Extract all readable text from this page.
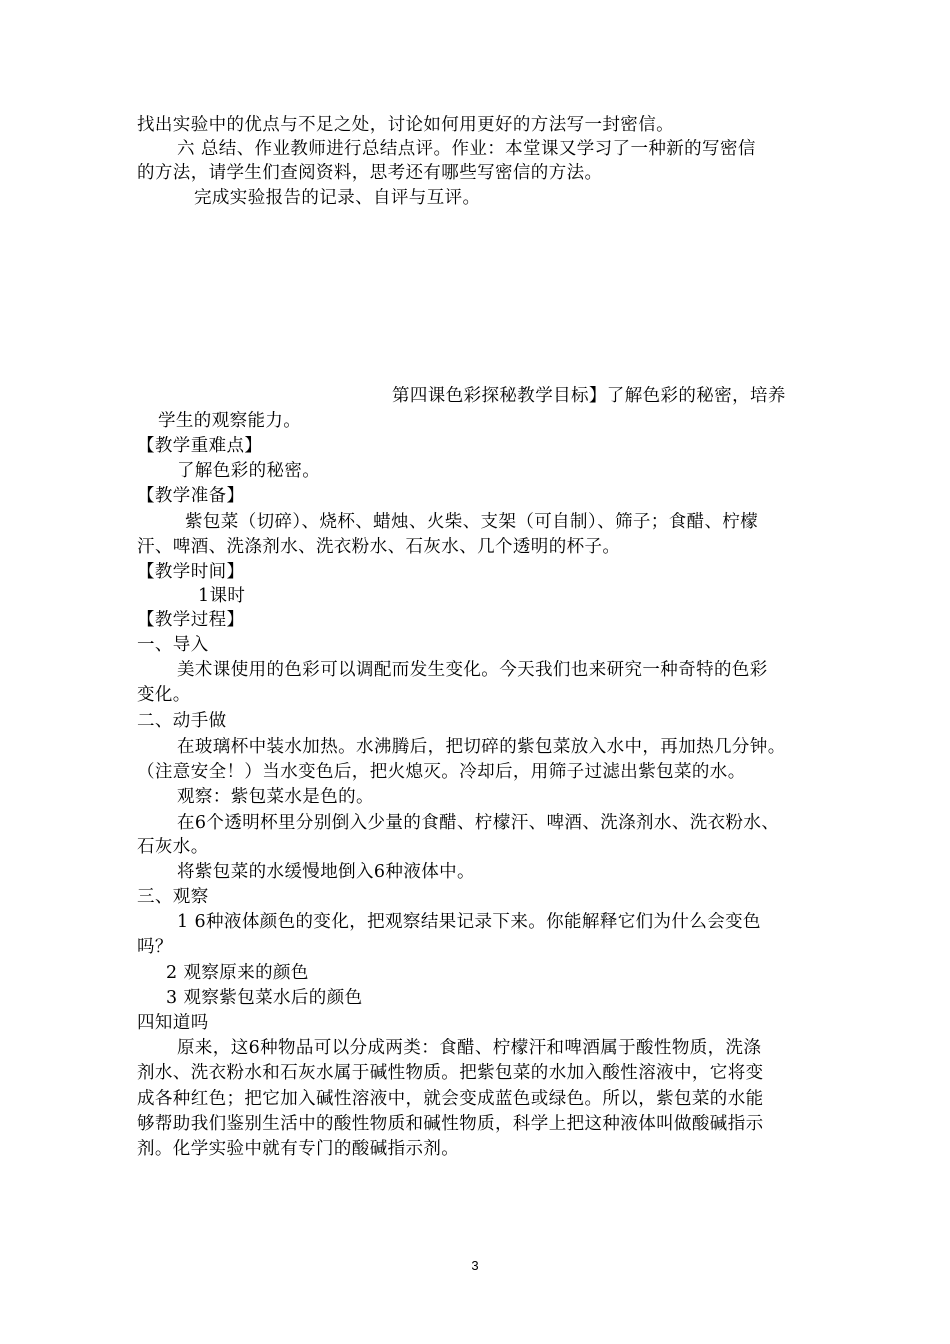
找出实验中的优点与不足之处，讨论如何用更好的方法写一封密信。
六 总结、作业教师进行总结点评。作业：本堂课又学习了一种新的写密信
的方法，请学生们查阅资料，思考还有哪些写密信的方法。
完成实验报告的记录、自评与互评。
第四课色彩探秘教学目标】了解色彩的秘密，培养
学生的观察能力。
【教学重难点】
了解色彩的秘密。
【教学准备】
紫包菜（切碎）、烧杯、蜡烛、火柴、支架（可自制）、筛子；食醋、柠檬
汗、啤酒、洗涤剂水、洗衣粉水、石灰水、几个透明的杯子。
【教学时间】
1课时
【教学过程】
一、导入
美术课使用的色彩可以调配而发生变化。今天我们也来研究一种奇特的色彩
变化。
二、动手做
在玻璃杯中装水加热。水沸腾后，把切碎的紫包菜放入水中，再加热几分钟。
（注意安全！）当水变色后，把火熄灭。冷却后，用筛子过滤出紫包菜的水。
观察：紫包菜水是色的。
在6个透明杯里分别倒入少量的食醋、柠檬汗、啤酒、洗涤剂水、洗衣粉水、
石灰水。
将紫包菜的水缓慢地倒入6种液体中。
三、观察
1 6种液体颜色的变化，把观察结果记录下来。你能解释它们为什么会变色
吗？
2 观察原来的颜色
3 观察紫包菜水后的颜色
四知道吗
原来，这6种物品可以分成两类：食醋、柠檬汗和啤酒属于酸性物质，洗涤
剂水、洗衣粉水和石灰水属于碱性物质。把紫包菜的水加入酸性溶液中，它将变
成各种红色；把它加入碱性溶液中，就会变成蓝色或绿色。所以，紫包菜的水能
够帮助我们鉴别生活中的酸性物质和碱性物质，科学上把这种液体叫做酸碱指示
剂。化学实验中就有专门的酸碱指示剂。
3
